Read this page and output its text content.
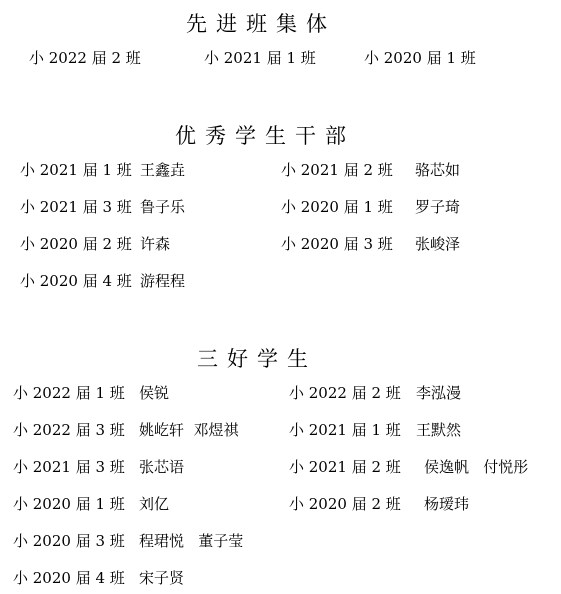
先进班集体
小 2022 届 2 班	小 2021 届 1 班	小 2020 届 1 班
优秀学生干部
小 2021 届 1 班 王鑫垚	小 2021 届 2 班 骆芯如
小 2021 届 3 班 鲁子乐	小 2020 届 1 班 罗子琦
小 2020 届 2 班 许森	小 2020 届 3 班 张峻泽
小 2020 届 4 班 游程程
三好学生
小 2022 届 1 班 侯锐	小 2022 届 2 班 李泓漫
小 2022 届 3 班 姚屹轩  邓煜祺	小 2021 届 1 班 王默然
小 2021 届 3 班 张芯语	小 2021 届 2 班 侯逸帆   付悦彤
小 2020 届 1 班 刘亿	小 2020 届 2 班 杨瑷玮
小 2020 届 3 班 程珺悦   董子莹
小 2020 届 4 班 宋子贤
